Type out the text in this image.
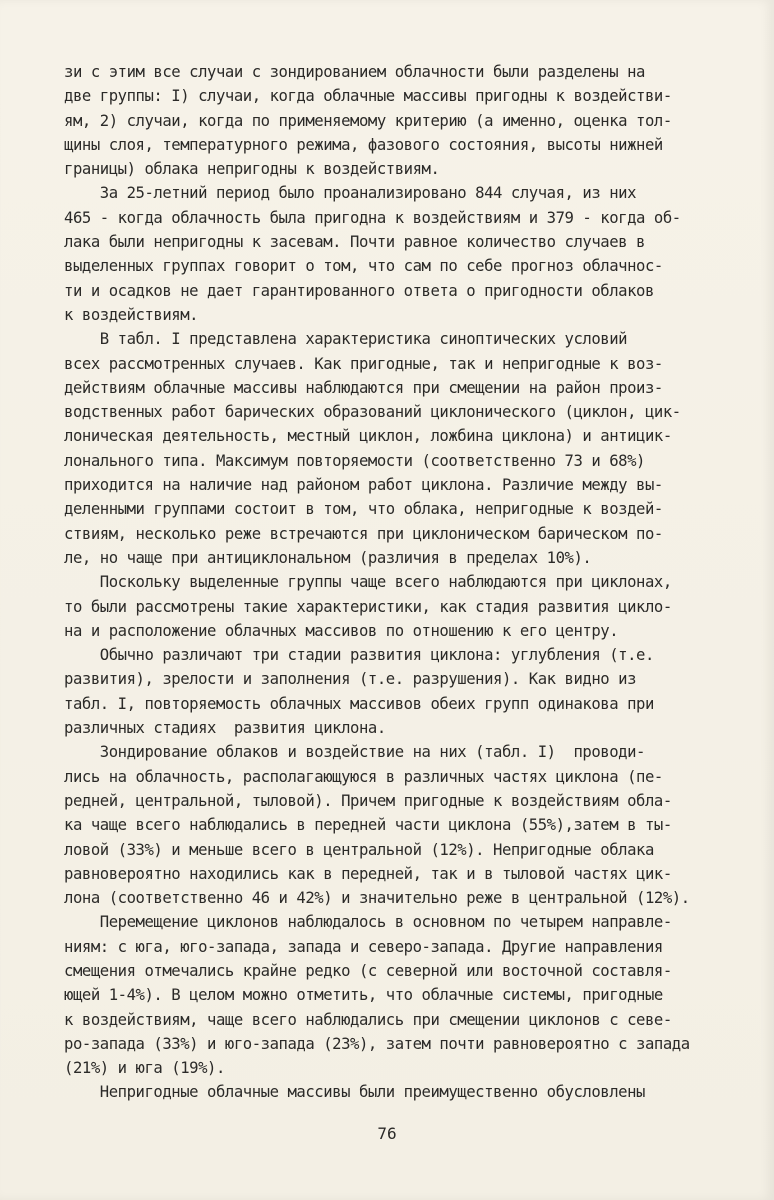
зи с этим все случаи с зондированием облачности были разделены на
две группы: I) случаи, когда облачные массивы пригодны к воздействи-
ям, 2) случаи, когда по применяемому критерию (а именно, оценка тол-
щины слоя, температурного режима, фазового состояния, высоты нижней
границы) облака непригодны к воздействиям.
За 25-летний период было проанализировано 844 случая, из них
465 - когда облачность была пригодна к воздействиям и 379 - когда об-
лака были непригодны к засевам. Почти равное количество случаев в
выделенных группах говорит о том, что сам по себе прогноз облачнос-
ти и осадков не дает гарантированного ответа о пригодности облаков
к воздействиям.
В табл. I представлена характеристика синоптических условий
всех рассмотренных случаев. Как пригодные, так и непригодные к воз-
действиям облачные массивы наблюдаются при смещении на район произ-
водственных работ барических образований циклонического (циклон, цик-
лоническая деятельность, местный циклон, ложбина циклона) и антицик-
лонального типа. Максимум повторяемости (соответственно 73 и 68%)
приходится на наличие над районом работ циклона. Различие между вы-
деленными группами состоит в том, что облака, непригодные к воздей-
ствиям, несколько реже встречаются при циклоническом барическом по-
ле, но чаще при антициклональном (различия в пределах 10%).
Поскольку выделенные группы чаще всего наблюдаются при циклонах,
то были рассмотрены такие характеристики, как стадия развития цикло-
на и расположение облачных массивов по отношению к его центру.
Обычно различают три стадии развития циклона: углубления (т.е.
развития), зрелости и заполнения (т.е. разрушения). Как видно из
табл. I, повторяемость облачных массивов обеих групп одинакова при
различных стадиях  развития циклона.
Зондирование облаков и воздействие на них (табл. I)  проводи-
лись на облачность, располагающуюся в различных частях циклона (пе-
редней, центральной, тыловой). Причем пригодные к воздействиям обла-
ка чаще всего наблюдались в передней части циклона (55%),затем в ты-
ловой (33%) и меньше всего в центральной (12%). Непригодные облака
равновероятно находились как в передней, так и в тыловой частях цик-
лона (соответственно 46 и 42%) и значительно реже в центральной (12%).
Перемещение циклонов наблюдалось в основном по четырем направле-
ниям: с юга, юго-запада, запада и северо-запада. Другие направления
смещения отмечались крайне редко (с северной или восточной составля-
ющей 1-4%). В целом можно отметить, что облачные системы, пригодные
к воздействиям, чаще всего наблюдались при смещении циклонов с севе-
ро-запада (33%) и юго-запада (23%), затем почти равновероятно с запада
(21%) и юга (19%).
Непригодные облачные массивы были преимущественно обусловлены
76
